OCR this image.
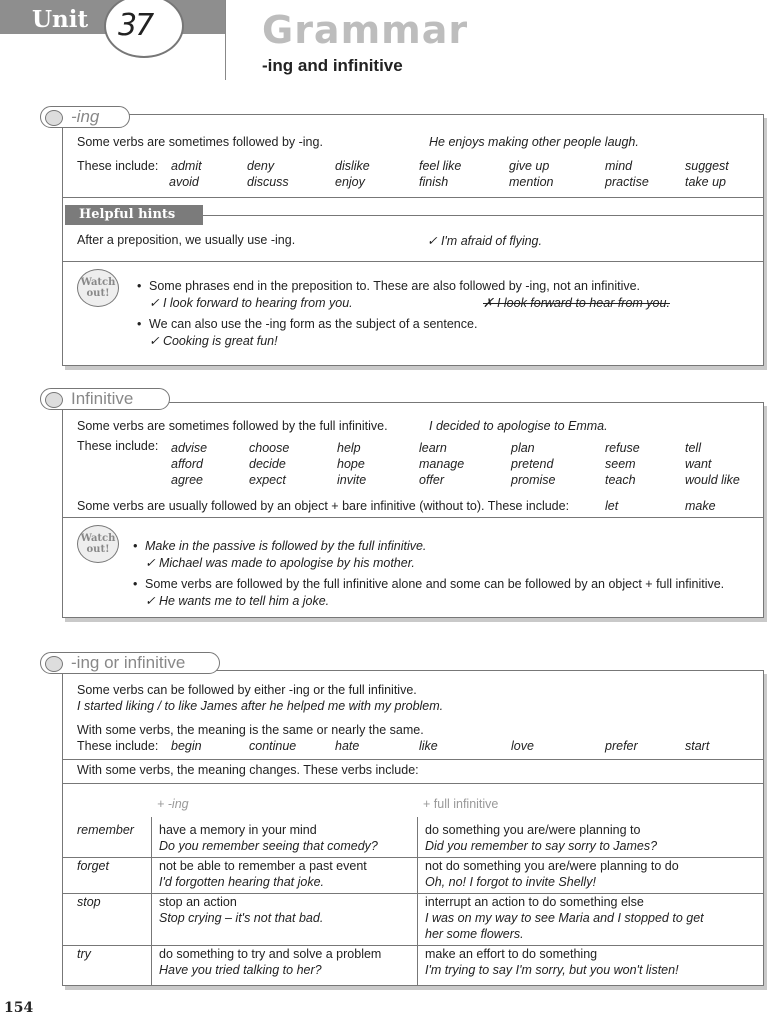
Unit 37	Grammar
-ing and infinitive
Some verbs are sometimes followed by -ing.	He enjoys making other people laugh.
These include: admit	deny	dislike	feel like	give up	mind	suggest
avoid	discuss	enjoy	finish	mention	practise	take up
Helpful hints
After a preposition, we usually use -ing.	✓ I'm afraid of flying.
Watch out!
• Some phrases end in the preposition to. These are also followed by -ing, not an infinitive.
✓ I look forward to hearing from you.	✗ I look forward to hear from you.
• We can also use the -ing form as the subject of a sentence.
✓ Cooking is great fun!
-ing
Some verbs are sometimes followed by the full infinitive.	I decided to apologise to Emma.
These include: advise	choose	help	learn	plan	refuse	tell
afford	decide	hope	manage	pretend	seem	want
agree	expect	invite	offer	promise	teach	would like
Some verbs are usually followed by an object + bare infinitive (without to). These include:	let	make
Watch out!
•	Make in the passive is followed by the full infinitive.
✓ Michael was made to apologise by his mother.
• Some verbs are followed by the full infinitive alone and some can be followed by an object + full infinitive.
✓ He wants me to tell him a joke.
Infinitive
Some verbs can be followed by either -ing or the full infinitive.
I started liking / to like James after he helped me with my problem.
With some verbs, the meaning is the same or nearly the same.
These include: begin	continue	hate	like	love	prefer	start
With some verbs, the meaning changes. These verbs include:
+ -ing	+ full infinitive
remember have a memory in your mind
Do you remember seeing that comedy?
do something you are/were planning to
Did you remember to say sorry to James?
forget	not be able to remember a past event
I'd forgotten hearing that joke.
not do something you are/were planning to do
Oh, no! I forgot to invite Shelly!
stop	stop an action
Stop crying – it's not that bad.
interrupt an action to do something else
I was on my way to see Maria and I stopped to get
her some flowers.
try	do something to try and solve a problem
Have you tried talking to her?
make an effort to do something
I'm trying to say I'm sorry, but you won't listen!
-ing or infinitive
154
